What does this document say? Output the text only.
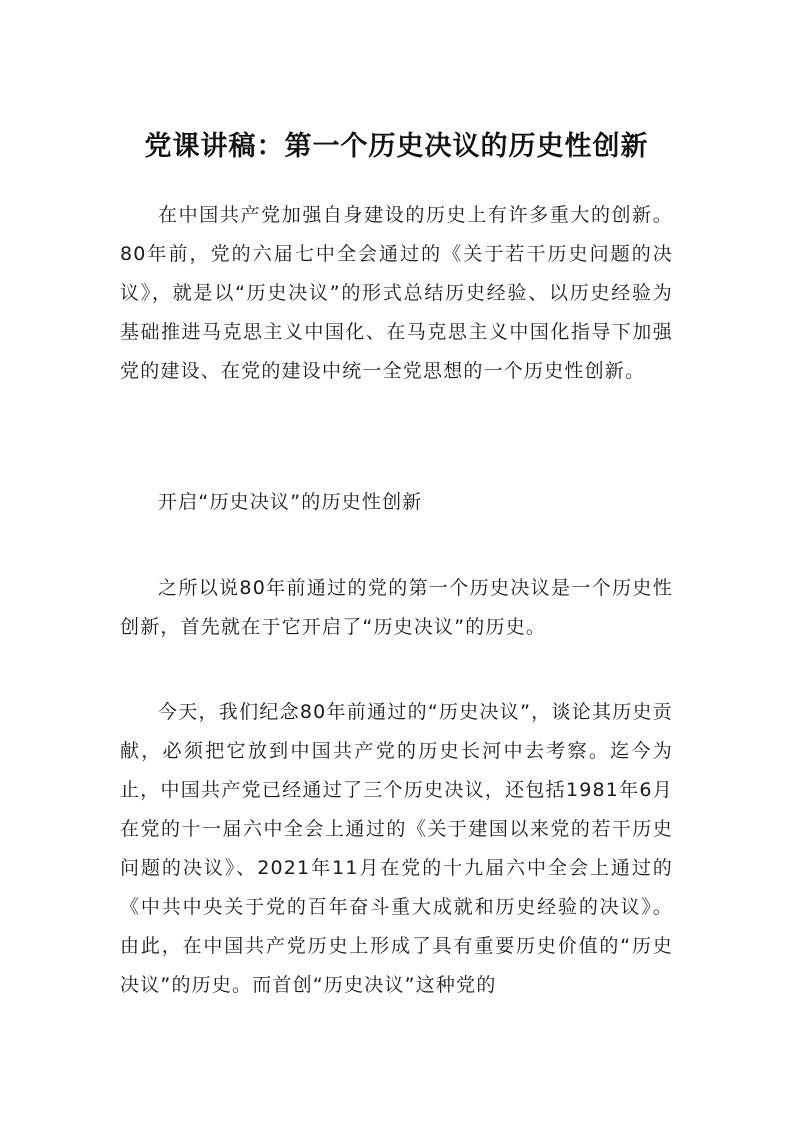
党课讲稿：第一个历史决议的历史性创新
在中国共产党加强自身建设的历史上有许多重大的创新。80年前，党的六届七中全会通过的《关于若干历史问题的决议》，就是以“历史决议”的形式总结历史经验、以历史经验为基础推进马克思主义中国化、在马克思主义中国化指导下加强党的建设、在党的建设中统一全党思想的一个历史性创新。
开启“历史决议”的历史性创新
之所以说80年前通过的党的第一个历史决议是一个历史性创新，首先就在于它开启了“历史决议”的历史。
今天，我们纪念80年前通过的“历史决议”，谈论其历史贡献，必须把它放到中国共产党的历史长河中去考察。迄今为止，中国共产党已经通过了三个历史决议，还包括1981年6月在党的十一届六中全会上通过的《关于建国以来党的若干历史问题的决议》、2021年11月在党的十九届六中全会上通过的《中共中央关于党的百年奋斗重大成就和历史经验的决议》。由此，在中国共产党历史上形成了具有重要历史价值的“历史决议”的历史。而首创“历史决议”这种党的
